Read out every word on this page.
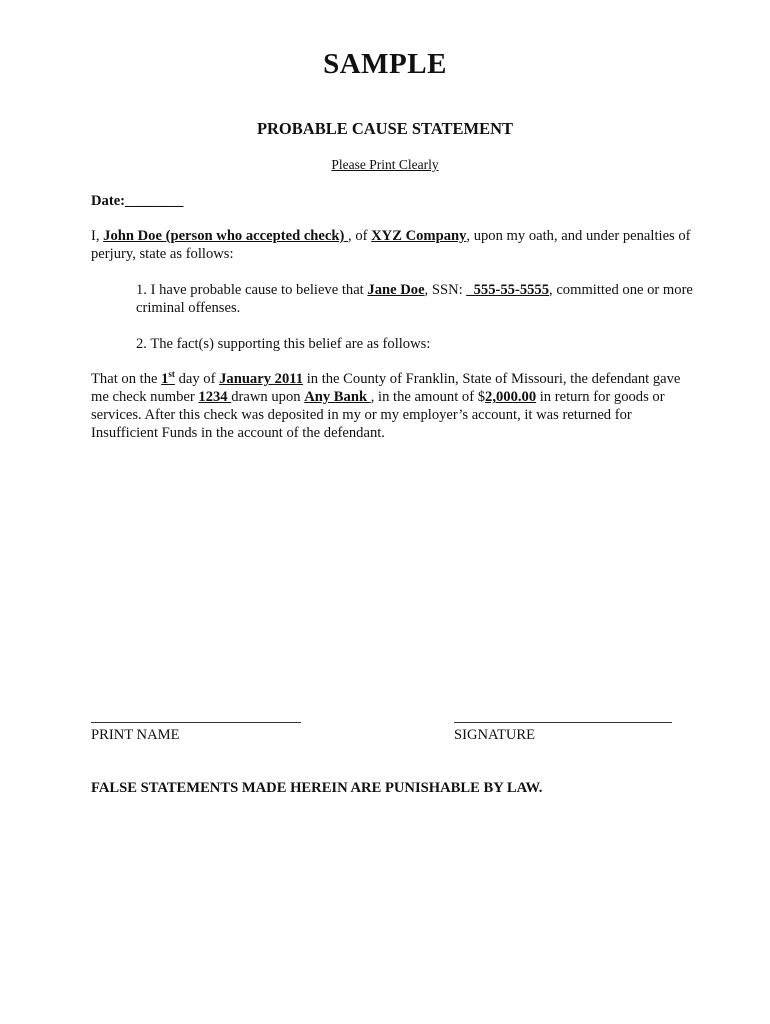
SAMPLE
PROBABLE CAUSE STATEMENT
Please Print Clearly
Date:________
I, John Doe (person who accepted check) , of XYZ Company, upon my oath, and under penalties of perjury, state as follows:
1. I have probable cause to believe that Jane Doe, SSN: _555-55-5555, committed one or more criminal offenses.
2. The fact(s) supporting this belief are as follows:
That on the 1st day of January 2011 in the County of Franklin, State of Missouri, the defendant gave me check number 1234 drawn upon Any Bank , in the amount of $2,000.00 in return for goods or services. After this check was deposited in my or my employer’s account, it was returned for Insufficient Funds in the account of the defendant.
PRINT NAME	SIGNATURE
FALSE STATEMENTS MADE HEREIN ARE PUNISHABLE BY LAW.
